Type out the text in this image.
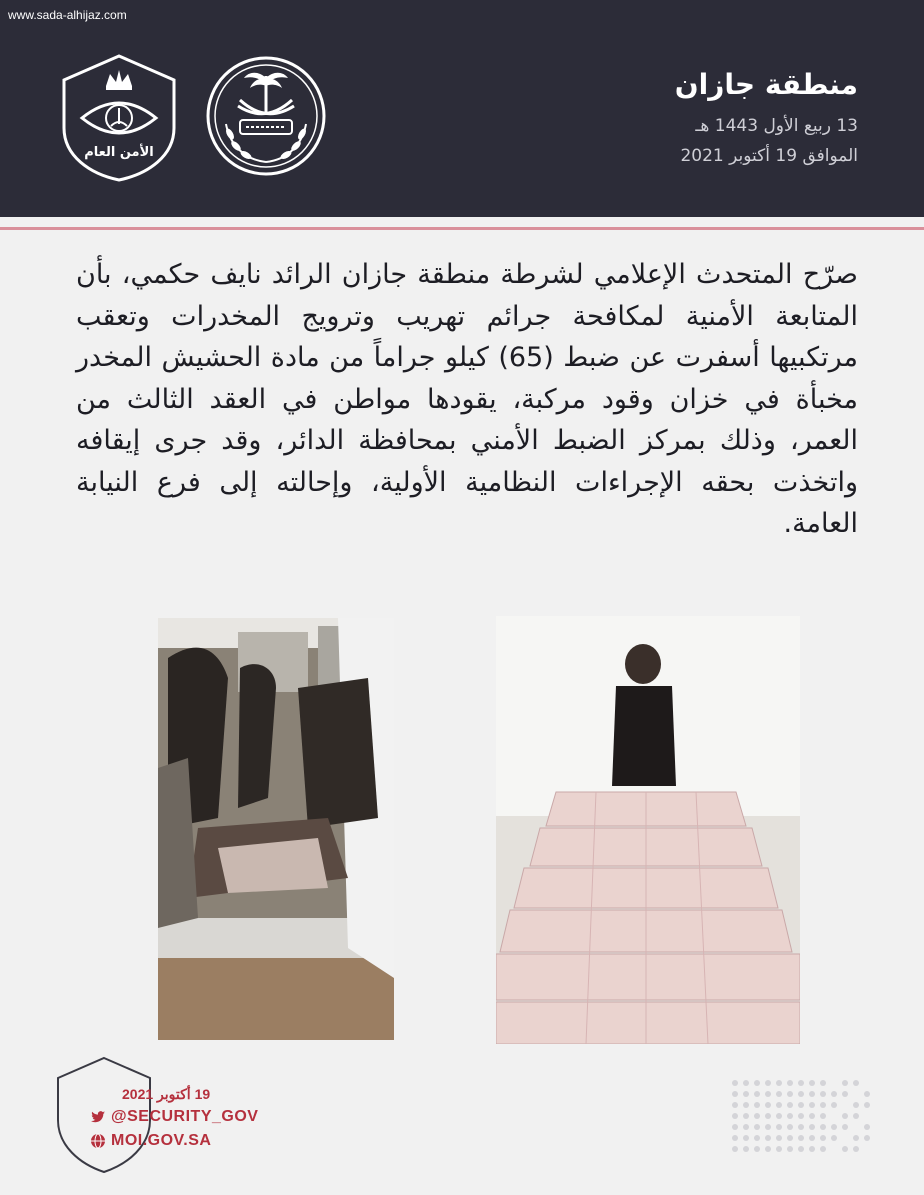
www.sada-alhijaz.com
منطقة جازان
13 ربيع الأول 1443 هـ
الموافق 19 أكتوبر 2021
الأمن العام
صرّح المتحدث الإعلامي لشرطة منطقة جازان الرائد نايف حكمي، بأن المتابعة الأمنية لمكافحة جرائم تهريب وترويج المخدرات وتعقب مرتكبيها أسفرت عن ضبط (65) كيلو جراماً من مادة الحشيش المخدر مخبأة في خزان وقود مركبة، يقودها مواطن في العقد الثالث من العمر، وذلك بمركز الضبط الأمني بمحافظة الدائر، وقد جرى إيقافه واتخذت بحقه الإجراءات النظامية الأولية، وإحالته إلى فرع النيابة العامة.
19 أكتوبر 2021
@SECURITY_GOV
MOI.GOV.SA
